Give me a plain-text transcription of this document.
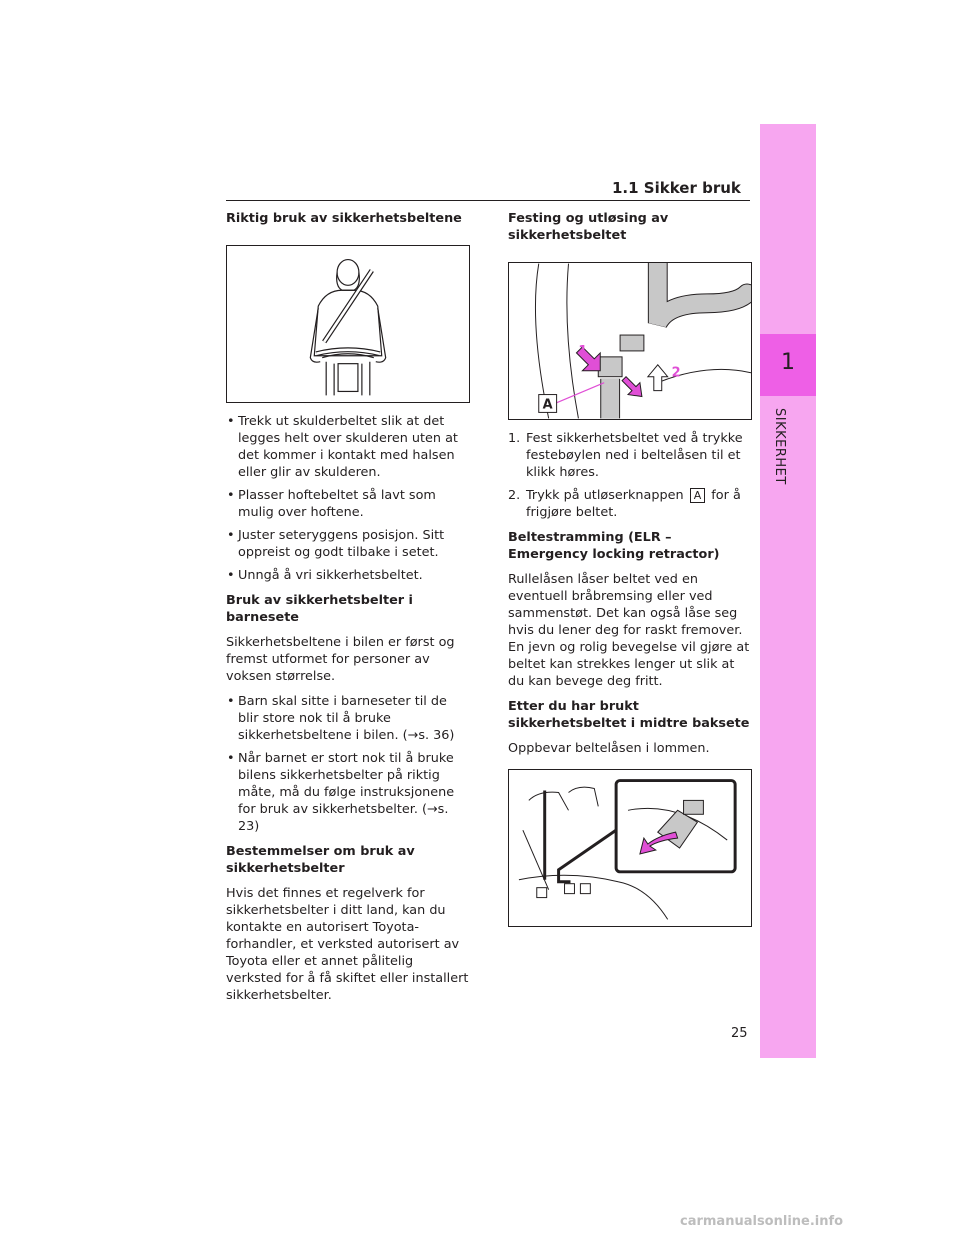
1
SIKKERHET
1.1 Sikker bruk

Riktig bruk av sikkerhetsbeltene

• Trekk ut skulderbeltet slik at det legges helt over skulderen uten at det kommer i kontakt med halsen eller glir av skulderen.
• Plasser hoftebeltet så lavt som mulig over hoftene.
• Juster seteryggens posisjon. Sitt oppreist og godt tilbake i setet.
• Unngå å vri sikkerhetsbeltet.

Bruk av sikkerhetsbelter i barnesete

Sikkerhetsbeltene i bilen er først og fremst utformet for personer av voksen størrelse.

• Barn skal sitte i barneseter til de blir store nok til å bruke sikkerhetsbeltene i bilen. (→s. 36)
• Når barnet er stort nok til å bruke bilens sikkerhetsbelter på riktig måte, må du følge instruksjonene for bruk av sikkerhetsbelter. (→s. 23)

Bestemmelser om bruk av sikkerhetsbelter

Hvis det finnes et regelverk for sikkerhetsbelter i ditt land, kan du kontakte en autorisert Toyota-forhandler, et verksted autorisert av Toyota eller et annet pålitelig verksted for å få skiftet eller installert sikkerhetsbelter.

Festing og utløsing av sikkerhetsbeltet

A
1
2
1. Fest sikkerhetsbeltet ved å trykke festebøylen ned i beltelåsen til et klikk høres.
2. Trykk på utløserknappen A for å frigjøre beltet.

Beltestramming (ELR – Emergency locking retractor)

Rullelåsen låser beltet ved en eventuell bråbremsing eller ved sammenstøt. Det kan også låse seg hvis du lener deg for raskt fremover. En jevn og rolig bevegelse vil gjøre at beltet kan strekkes lenger ut slik at du kan bevege deg fritt.

Etter du har brukt sikkerhetsbeltet i midtre baksete

Oppbevar beltelåsen i lommen.

25
carmanualsonline.info
